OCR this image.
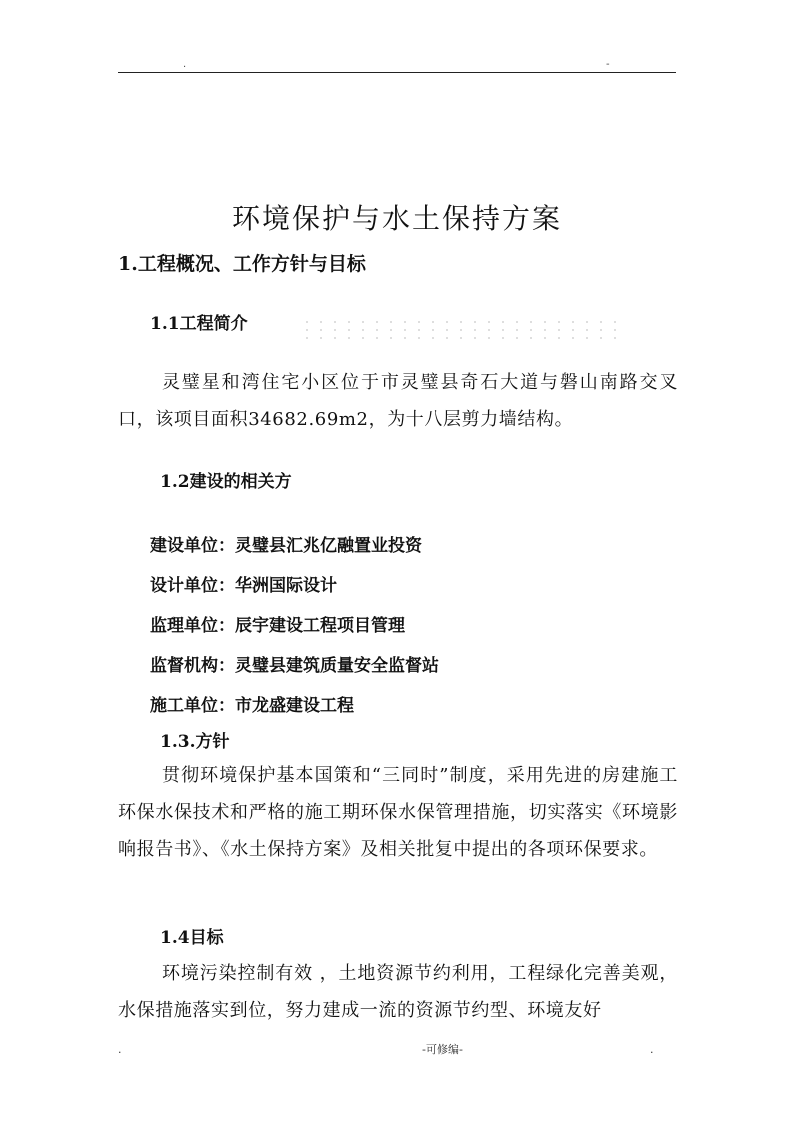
.	-
环境保护与水土保持方案
1.工程概况、工作方针与目标
1.1工程简介

灵璧星和湾住宅小区位于市灵璧县奇石大道与磐山南路交叉口，该项目面积34682.69m2，为十八层剪力墙结构。

1.2建设的相关方
建设单位：灵璧县汇兆亿融置业投资
设计单位：华洲国际设计
监理单位：辰宇建设工程项目管理
监督机构：灵璧县建筑质量安全监督站
施工单位：市龙盛建设工程
1.3.方针

贯彻环境保护基本国策和“三同时”制度，采用先进的房建施工环保水保技术和严格的施工期环保水保管理措施，切实落实《环境影响报告书》、《水土保持方案》及相关批复中提出的各项环保要求。

1.4目标

环境污染控制有效 ，土地资源节约利用，工程绿化完善美观，水保措施落实到位，努力建成一流的资源节约型、环境友好

.	-可修编-	.
